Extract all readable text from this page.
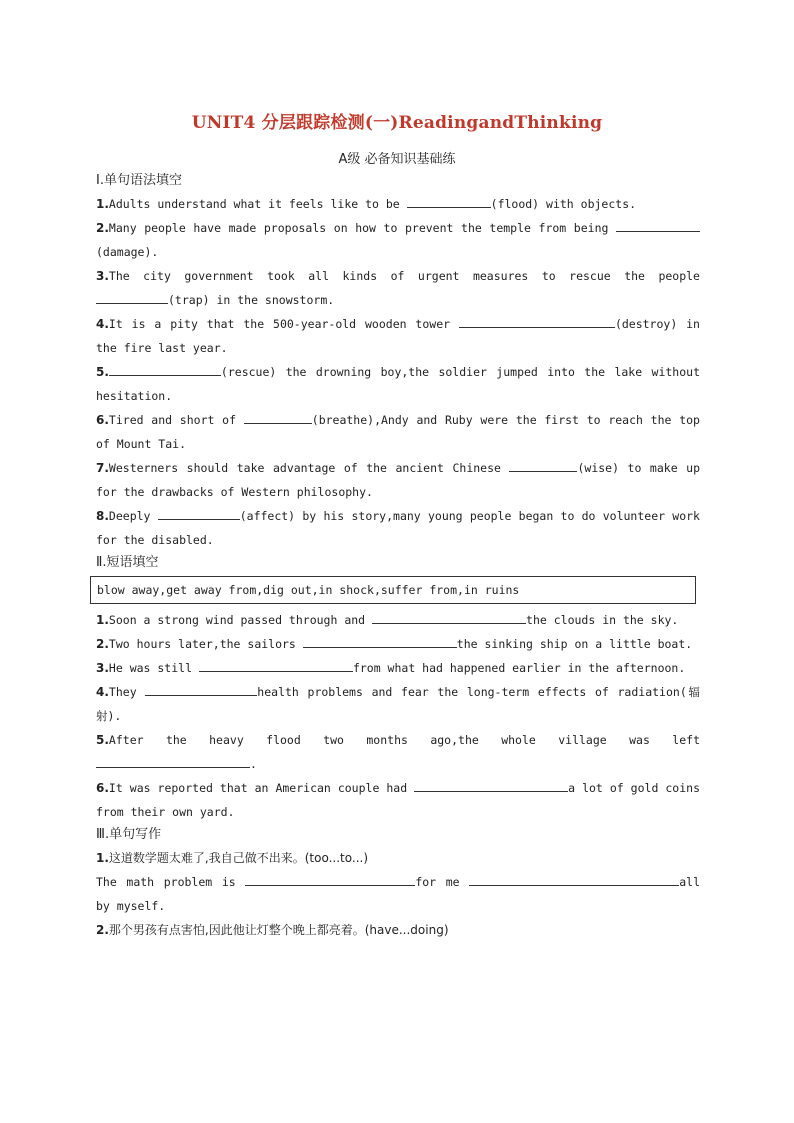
UNIT4 分层跟踪检测(一)ReadingandThinking
A级 必备知识基础练
Ⅰ.单句语法填空
1.Adults understand what it feels like to be	(flood) with objects.
2.Many people have made proposals on how to prevent the temple from being (damage).
3.The city government took all kinds of urgent measures to rescue the people (trap) in the snowstorm.
4.It is a pity that the 500-year-old wooden tower	(destroy) in the fire last year.
5.	(rescue) the drowning boy,the soldier jumped into the lake without hesitation.
6.Tired and short of	(breathe),Andy and Ruby were the first to reach the top of Mount Tai.
7.Westerners should take advantage of the ancient Chinese	(wise) to make up for the drawbacks of Western philosophy.
8.Deeply	(affect) by his story,many young people began to do volunteer work for the disabled.
Ⅱ.短语填空
blow away,get away from,dig out,in shock,suffer from,in ruins
1.Soon a strong wind passed through and	the clouds in the sky.
2.Two hours later,the sailors	the sinking ship on a little boat.
3.He was still	from what had happened earlier in the afternoon.
4.They	health problems and fear the long-term effects of radiation(辐射).
5.After the heavy flood two months ago,the whole village was left .
6.It was reported that an American couple had	a lot of gold coins from their own yard.
Ⅲ.单句写作
1.这道数学题太难了,我自己做不出来。(too...to...)
The math problem is	for me	all by myself.
2.那个男孩有点害怕,因此他让灯整个晚上都亮着。(have...doing)
